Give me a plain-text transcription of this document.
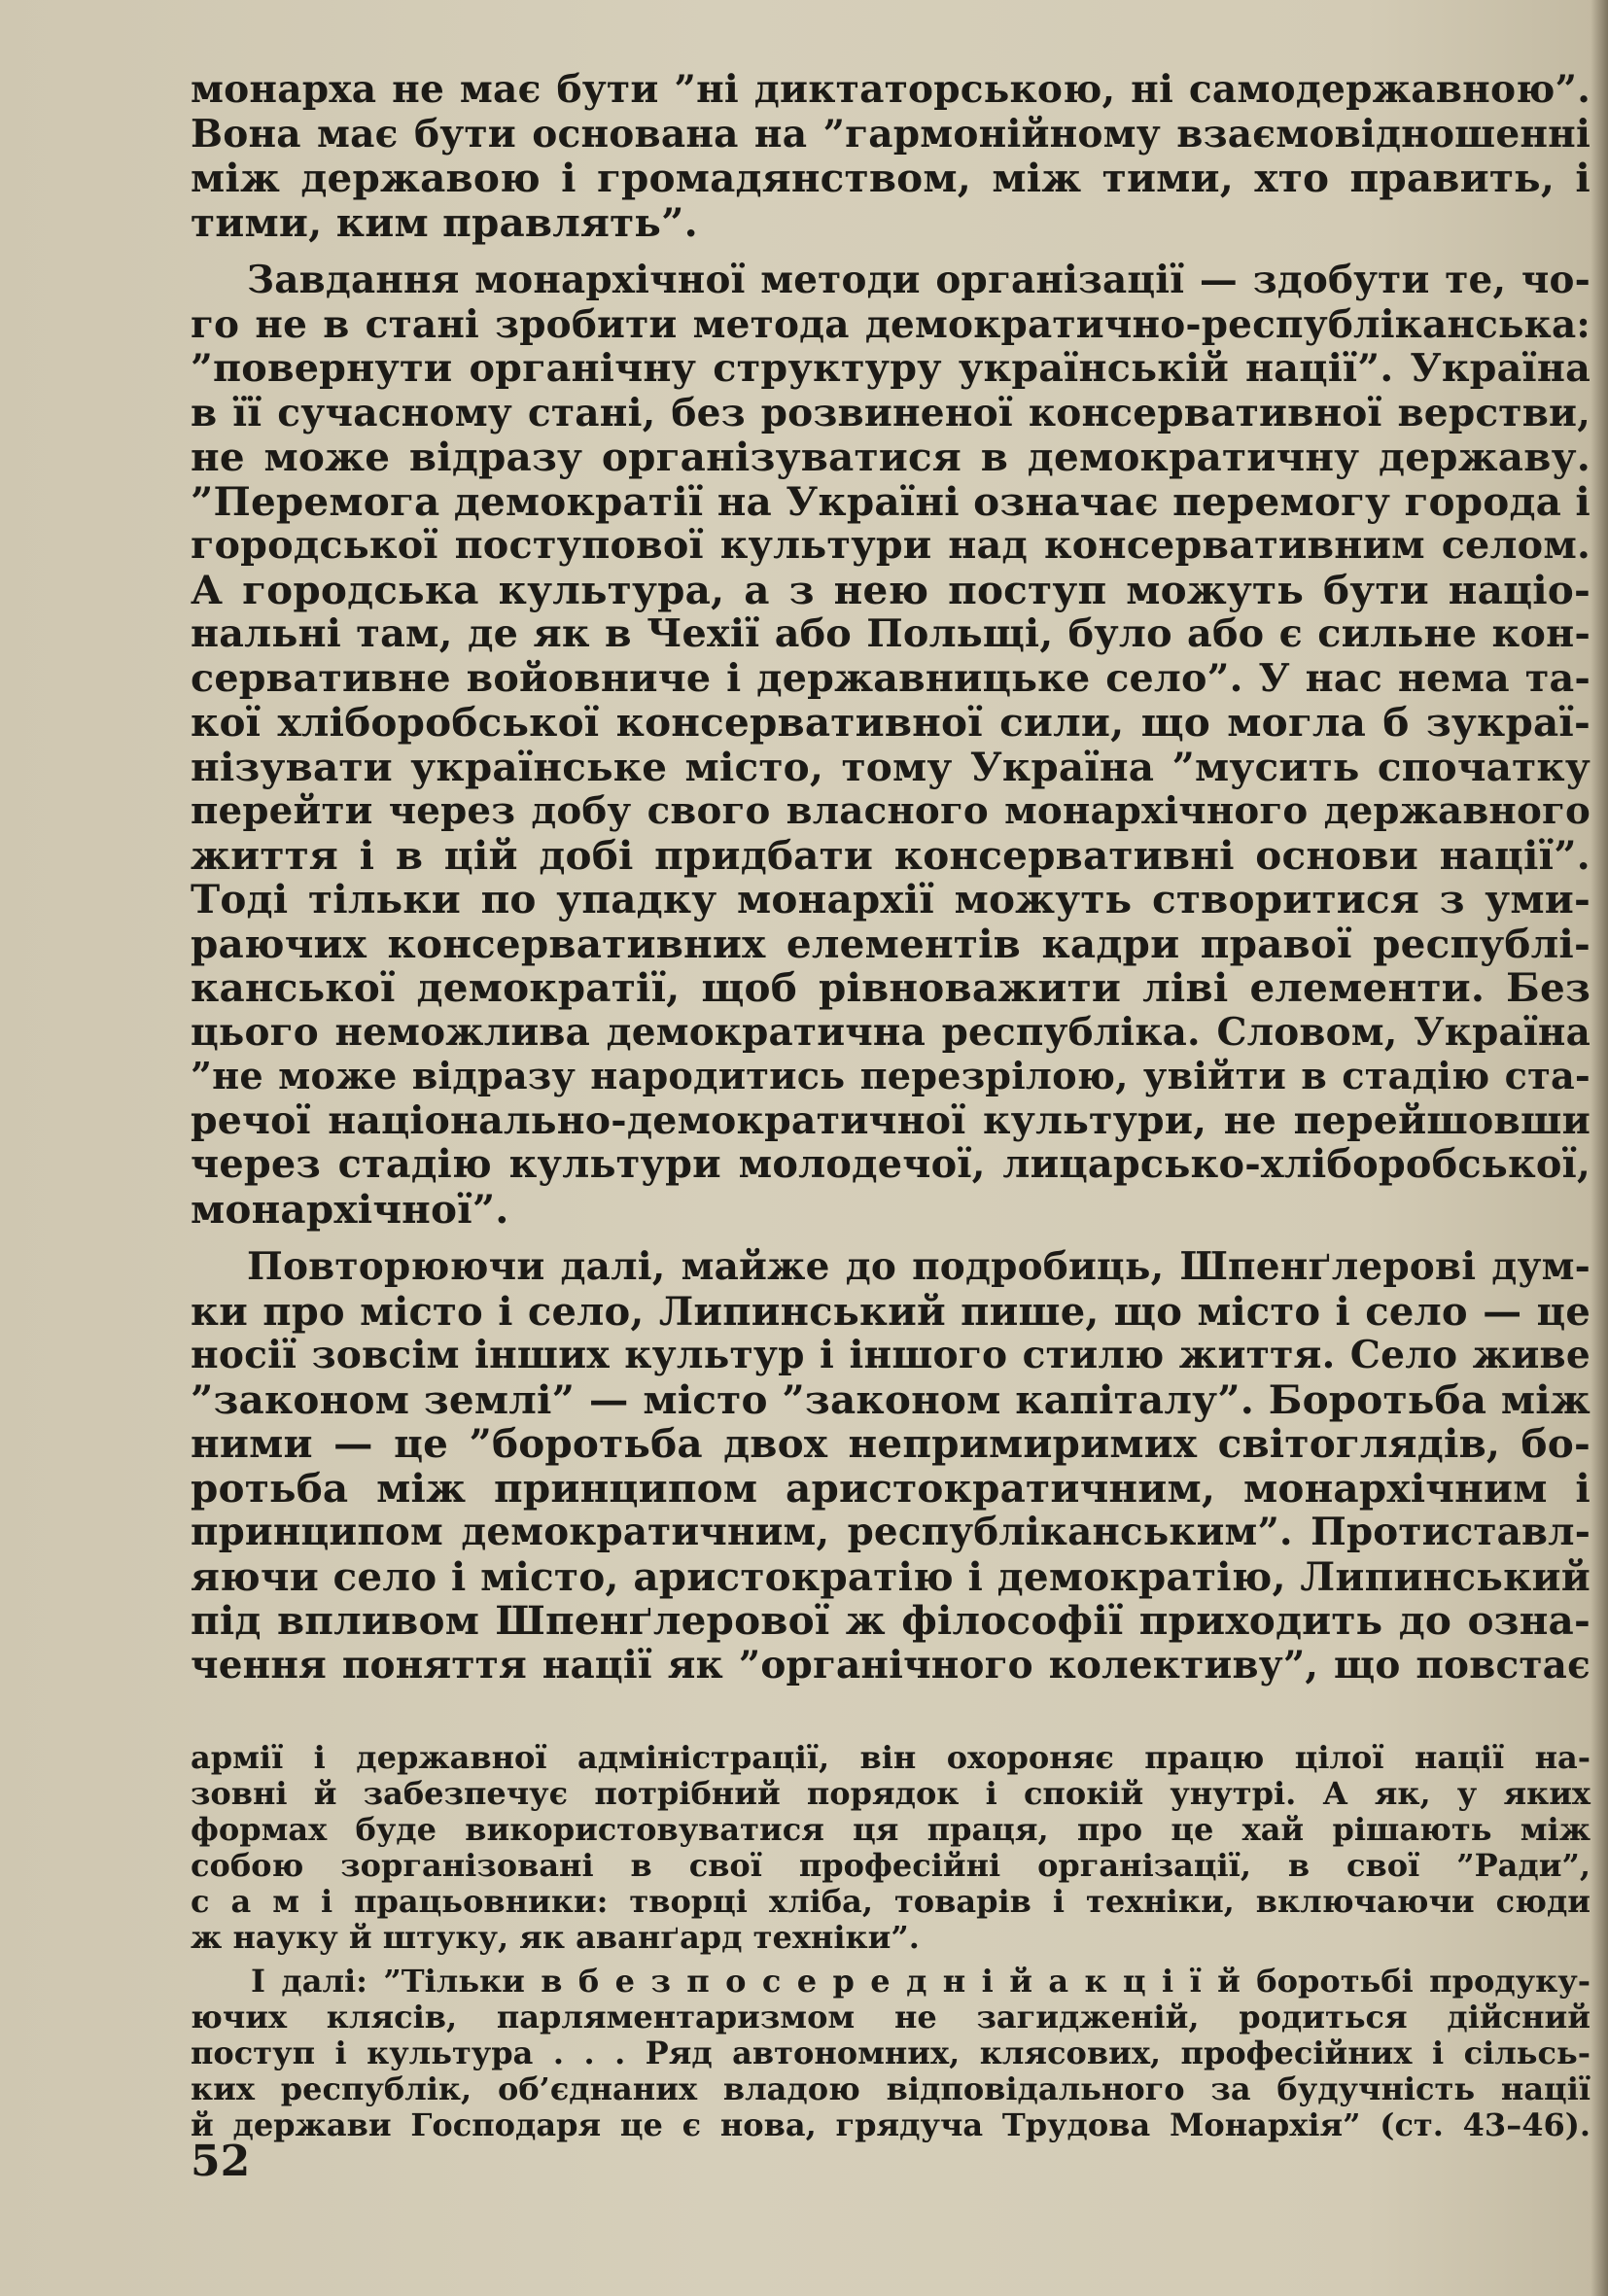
монарха не має бути ”ні диктаторською, ні самодержавною”.
Вона має бути основана на ”гармонійному взаємовідношенні
між державою і громадянством, між тими, хто править, і
тими, ким правлять”.

Завдання монархічної методи організації — здобути те, чо-
го не в стані зробити метода демократично-республіканська:
”повернути органічну структуру українській нації”. Україна
в її сучасному стані, без розвиненої консервативної верстви,
не може відразу організуватися в демократичну державу.
”Перемога демократії на Україні означає перемогу города і
городської поступової культури над консервативним селом.
А городська культура, а з нею поступ можуть бути націо-
нальні там, де як в Чехії або Польщі, було або є сильне кон-
сервативне войовниче і державницьке село”. У нас нема та-
кої хліборобської консервативної сили, що могла б зукраї-
нізувати українське місто, тому Україна ”мусить спочатку
перейти через добу свого власного монархічного державного
життя і в цій добі придбати консервативні основи нації”.
Тоді тільки по упадку монархії можуть створитися з уми-
раючих консервативних елементів кадри правої республі-
канської демократії, щоб рівноважити ліві елементи. Без
цього неможлива демократична республіка. Словом, Україна
”не може відразу народитись перезрілою, увійти в стадію ста-
речої національно-демократичної культури, не перейшовши
через стадію культури молодечої, лицарсько-хліборобської,
монархічної”.

Повторюючи далі, майже до подробиць, Шпенґлерові дум-
ки про місто і село, Липинський пише, що місто і село — це
носії зовсім інших культур і іншого стилю життя. Село живе
”законом землі” — місто ”законом капіталу”. Боротьба між
ними — це ”боротьба двох непримиримих світоглядів, бо-
ротьба між принципом аристократичним, монархічним і
принципом демократичним, республіканським”. Протиставл-
яючи село і місто, аристократію і демократію, Липинський
під впливом Шпенґлерової ж філософії приходить до озна-
чення поняття нації як ”органічного колективу”, що повстає

армії і державної адміністрації, він охороняє працю цілої нації на-
зовні й забезпечує потрібний порядок і спокій унутрі. А як, у яких
формах буде використовуватися ця праця, про це хай рішають між
собою зорганізовані в свої професійні організації, в свої ”Ради”,
с а м і працьовники: творці хліба, товарів і техніки, включаючи сюди
ж науку й штуку, як аванґард техніки”.

І далі: ”Тільки в б е з п о с е р е д н і й а к ц і ї й боротьбі продуку-
ючих клясів, парляментаризмом не загидженій, родиться дійсний
поступ і культура . . . Ряд автономних, клясових, професійних і сільсь-
ких республік, об’єднаних владою відповідального за будучність нації
й держави Господаря це є нова, грядуча Трудова Монархія” (ст. 43–46).

52
